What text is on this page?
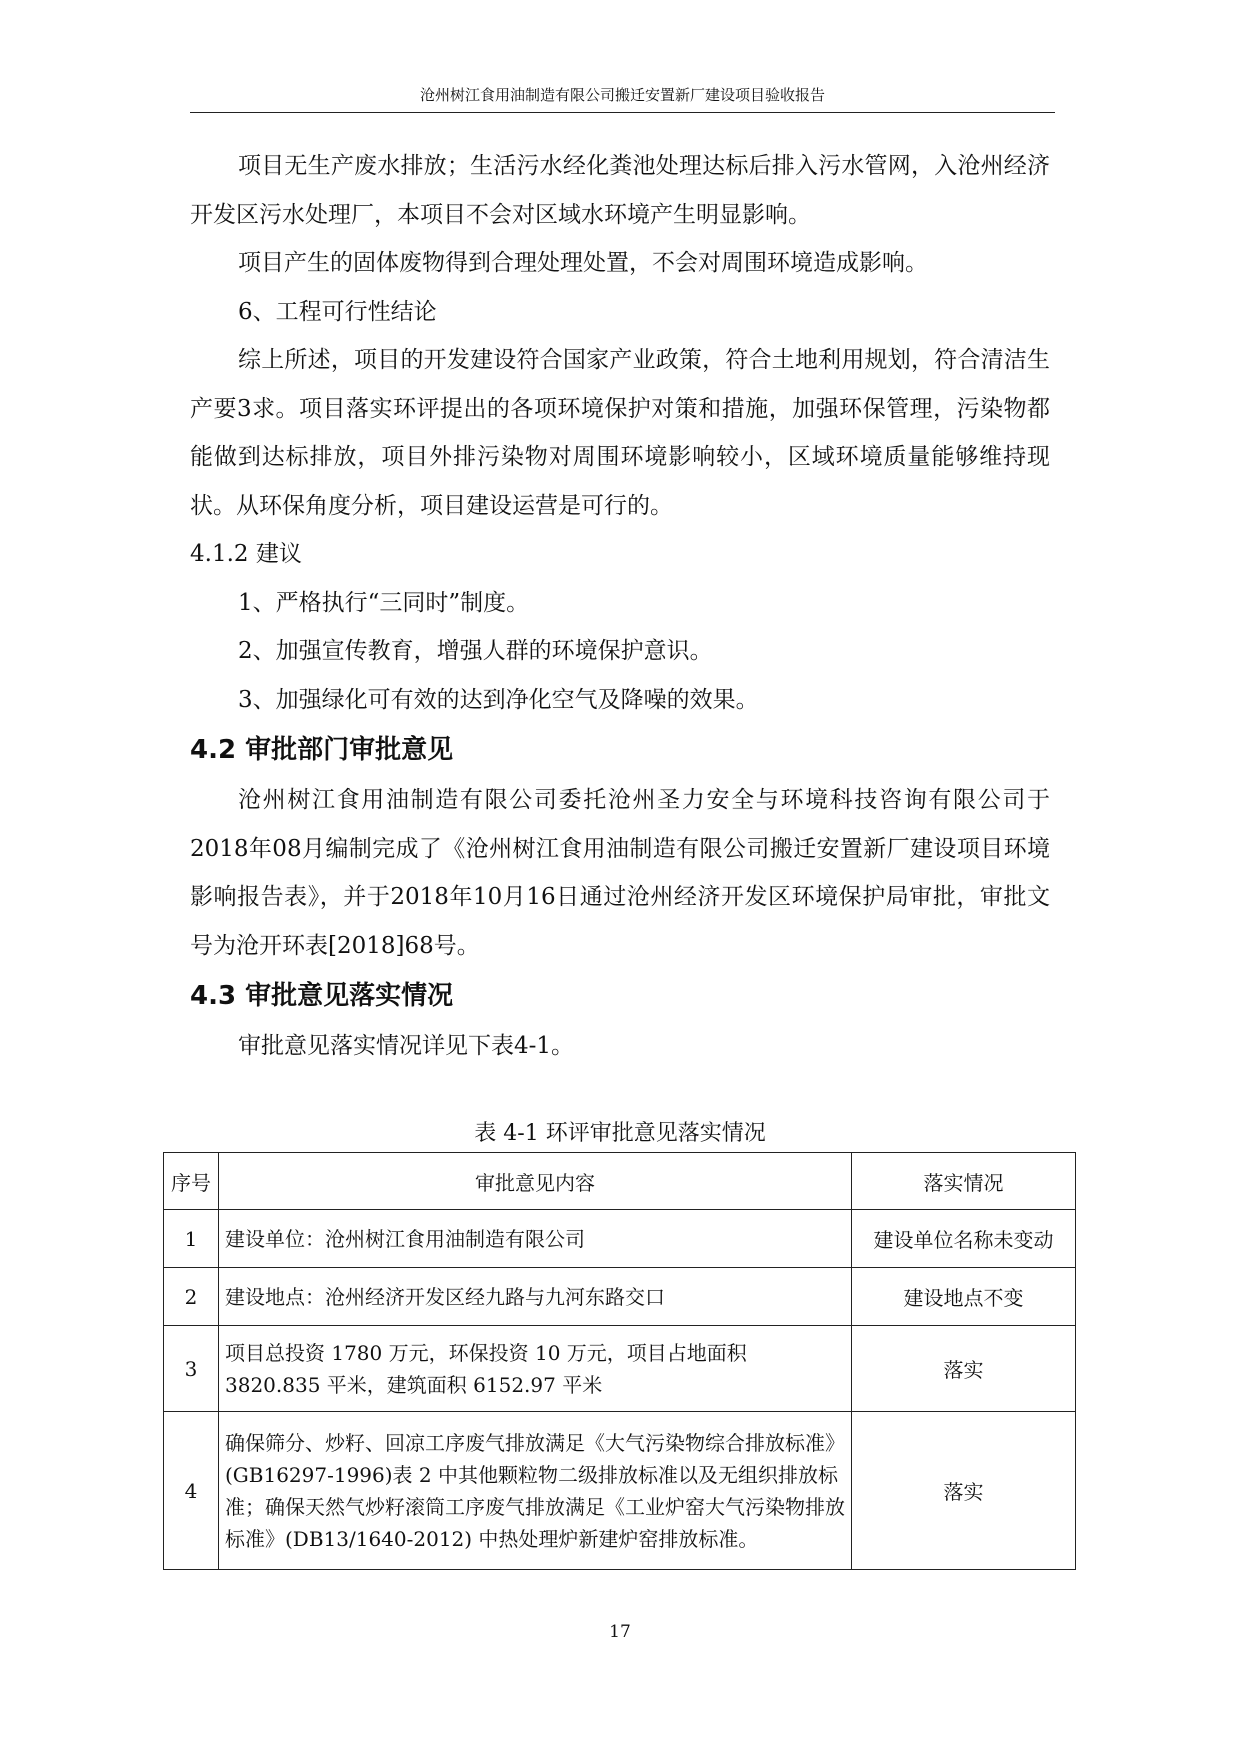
沧州树江食用油制造有限公司搬迁安置新厂建设项目验收报告

项目无生产废水排放；生活污水经化粪池处理达标后排入污水管网，入沧州经济开发区污水处理厂，本项目不会对区域水环境产生明显影响。

项目产生的固体废物得到合理处理处置，不会对周围环境造成影响。

6、工程可行性结论

综上所述，项目的开发建设符合国家产业政策，符合土地利用规划，符合清洁生产要3求。项目落实环评提出的各项环境保护对策和措施，加强环保管理，污染物都能做到达标排放，项目外排污染物对周围环境影响较小，区域环境质量能够维持现状。从环保角度分析，项目建设运营是可行的。

4.1.2 建议

1、严格执行“三同时”制度。

2、加强宣传教育，增强人群的环境保护意识。

3、加强绿化可有效的达到净化空气及降噪的效果。

4.2 审批部门审批意见

沧州树江食用油制造有限公司委托沧州圣力安全与环境科技咨询有限公司于2018年08月编制完成了《沧州树江食用油制造有限公司搬迁安置新厂建设项目环境影响报告表》，并于2018年10月16日通过沧州经济开发区环境保护局审批，审批文号为沧开环表[2018]68号。

4.3 审批意见落实情况

审批意见落实情况详见下表4-1。

表 4-1 环评审批意见落实情况
序号	审批意见内容	落实情况
1	建设单位：沧州树江食用油制造有限公司	建设单位名称未变动
2	建设地点：沧州经济开发区经九路与九河东路交口	建设地点不变
3	项目总投资 1780 万元，环保投资 10 万元，项目占地面积 3820.835 平米，建筑面积 6152.97 平米	落实
4	确保筛分、炒籽、回凉工序废气排放满足《大气污染物综合排放标准》(GB16297-1996)表 2 中其他颗粒物二级排放标准以及无组织排放标准；确保天然气炒籽滚筒工序废气排放满足《工业炉窑大气污染物排放标准》(DB13/1640-2012) 中热处理炉新建炉窑排放标准。	落实
17
